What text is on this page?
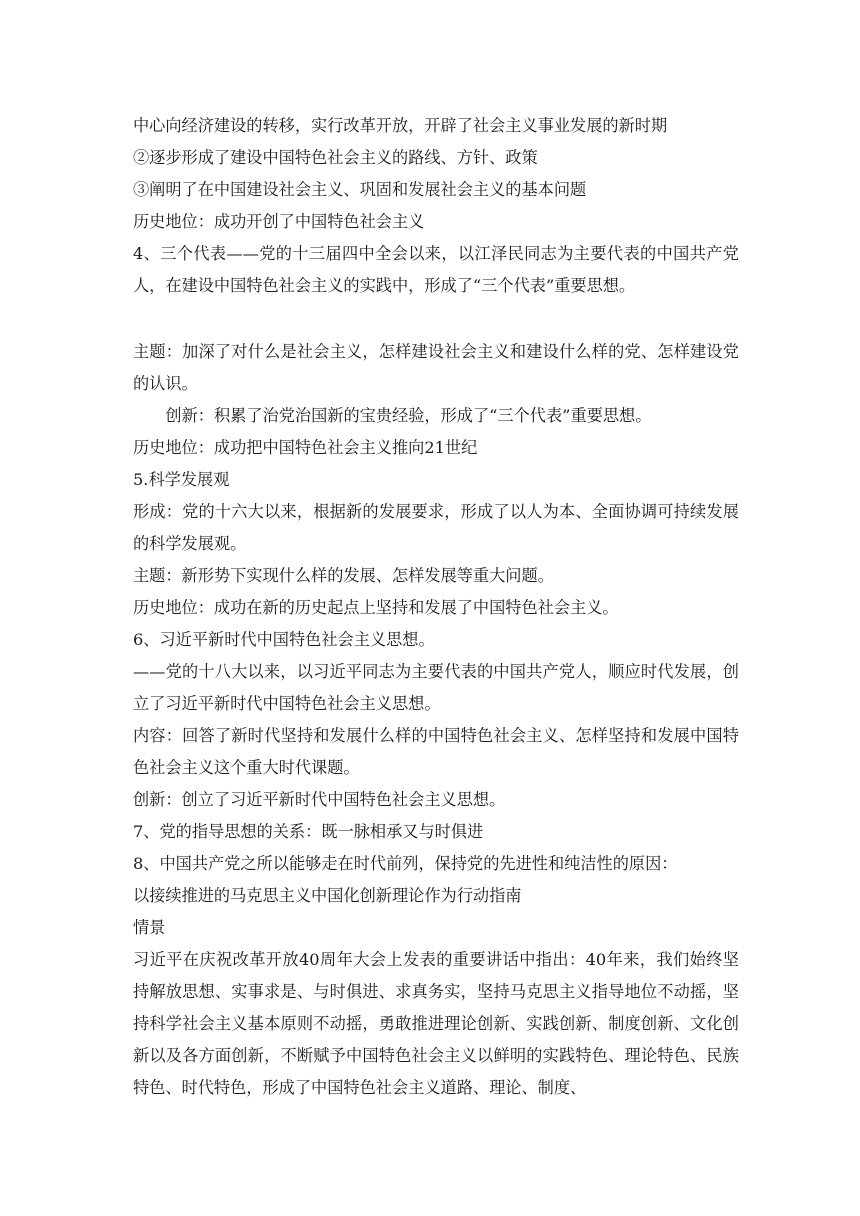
中心向经济建设的转移，实行改革开放，开辟了社会主义事业发展的新时期

②逐步形成了建设中国特色社会主义的路线、方针、政策

③阐明了在中国建设社会主义、巩固和发展社会主义的基本问题

历史地位：成功开创了中国特色社会主义

4、三个代表——党的十三届四中全会以来，以江泽民同志为主要代表的中国共产党人，在建设中国特色社会主义的实践中，形成了“三个代表”重要思想。

主题：加深了对什么是社会主义，怎样建设社会主义和建设什么样的党、怎样建设党的认识。

创新：积累了治党治国新的宝贵经验，形成了“三个代表”重要思想。

历史地位：成功把中国特色社会主义推向21世纪

5.科学发展观

形成：党的十六大以来，根据新的发展要求，形成了以人为本、全面协调可持续发展的科学发展观。

主题：新形势下实现什么样的发展、怎样发展等重大问题。

历史地位：成功在新的历史起点上坚持和发展了中国特色社会主义。

6、习近平新时代中国特色社会主义思想。

——党的十八大以来，以习近平同志为主要代表的中国共产党人，顺应时代发展，创立了习近平新时代中国特色社会主义思想。

内容：回答了新时代坚持和发展什么样的中国特色社会主义、怎样坚持和发展中国特色社会主义这个重大时代课题。

创新：创立了习近平新时代中国特色社会主义思想。

7、党的指导思想的关系：既一脉相承又与时俱进

8、中国共产党之所以能够走在时代前列，保持党的先进性和纯洁性的原因：

以接续推进的马克思主义中国化创新理论作为行动指南

情景

习近平在庆祝改革开放40周年大会上发表的重要讲话中指出：40年来，我们始终坚持解放思想、实事求是、与时俱进、求真务实，坚持马克思主义指导地位不动摇，坚持科学社会主义基本原则不动摇，勇敢推进理论创新、实践创新、制度创新、文化创新以及各方面创新，不断赋予中国特色社会主义以鲜明的实践特色、理论特色、民族特色、时代特色，形成了中国特色社会主义道路、理论、制度、
